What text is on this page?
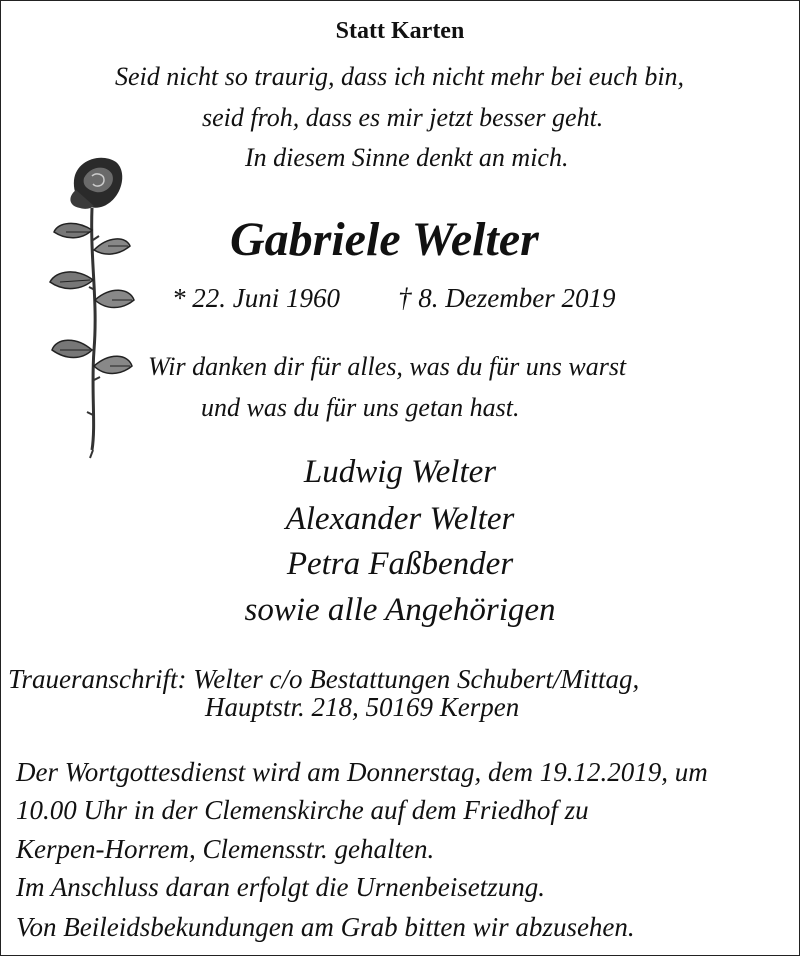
Statt Karten
Seid nicht so traurig, dass ich nicht mehr bei euch bin,
seid froh, dass es mir jetzt besser geht.
In diesem Sinne denkt an mich.
Gabriele Welter
* 22. Juni 1960 † 8. Dezember 2019
Wir danken dir für alles, was du für uns warst
und was du für uns getan hast.
Ludwig Welter
Alexander Welter
Petra Faßbender
sowie alle Angehörigen
Traueranschrift: Welter c/o Bestattungen Schubert/Mittag,
Hauptstr. 218, 50169 Kerpen
Der Wortgottesdienst wird am Donnerstag, dem 19.12.2019, um
10.00 Uhr in der Clemenskirche auf dem Friedhof zu
Kerpen-Horrem, Clemensstr. gehalten.
Im Anschluss daran erfolgt die Urnenbeisetzung.
Von Beileidsbekundungen am Grab bitten wir abzusehen.
